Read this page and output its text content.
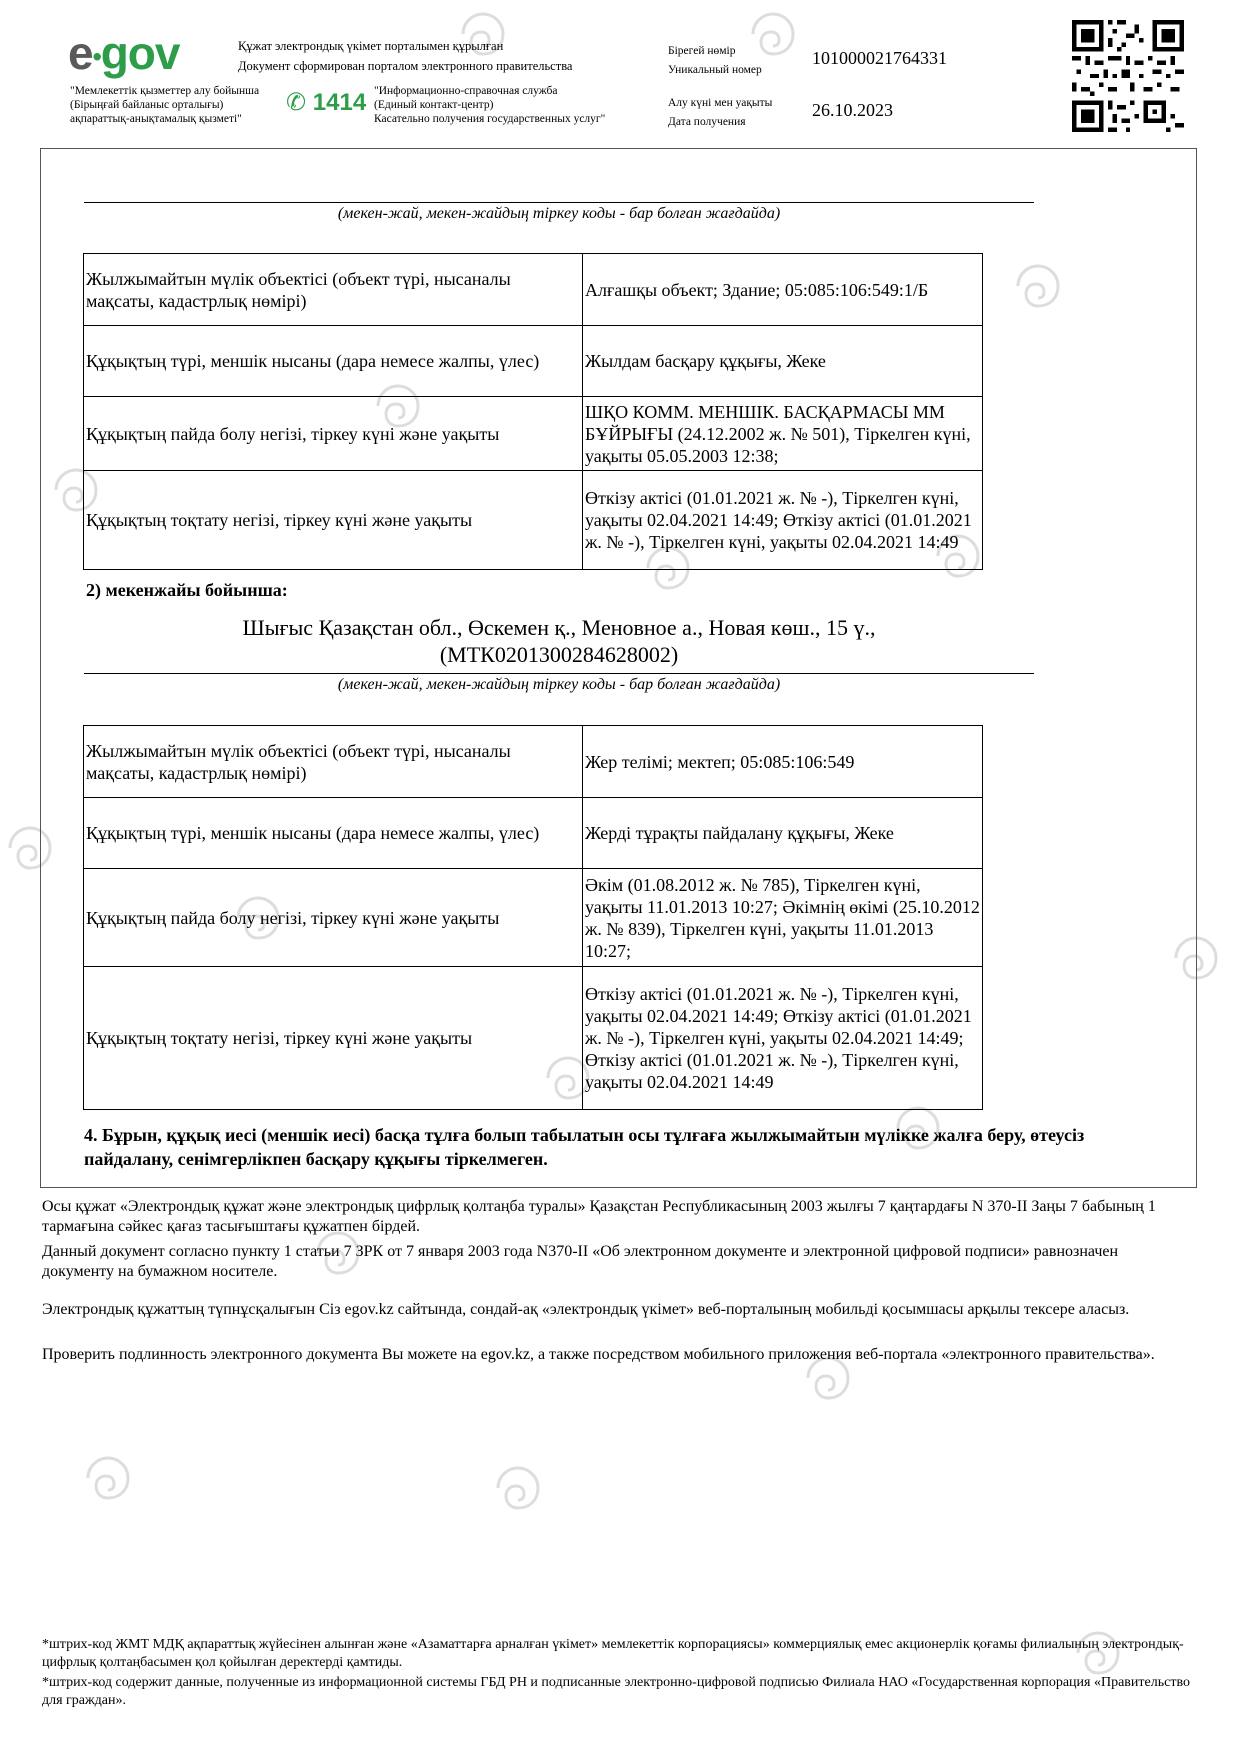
e•gov	Құжат электрондық үкімет порталымен құрылған
Документ сформирован порталом электронного правительства
"Мемлекеттік қызметтер алу бойынша
(Бірыңғай байланыс орталығы)
ақпараттық-анықтамалық қызметі"
✆ 1414 "Информационно-справочная служба
(Единый контакт-центр)
Касательно получения государственных услуг"
Бірегей нөмір
Уникальный номер
101000021764331
Алу күні мен уақыты
Дата получения
26.10.2023
(мекен-жай, мекен-жайдың тіркеу коды - бар болған жағдайда)
Жылжымайтын мүлік объектісі (объект түрі, нысаналы мақсаты, кадастрлық нөмірі)	Алғашқы объект; Здание; 05:085:106:549:1/Б
Құқықтың түрі, меншік нысаны (дара немесе жалпы, үлес)	Жылдам басқару құқығы, Жеке
Құқықтың пайда болу негізі, тіркеу күні және уақыты	ШҚО КОММ. МЕНШІК. БАСҚАРМАСЫ ММ БҰЙРЫҒЫ (24.12.2002 ж. № 501), Тіркелген күні, уақыты 05.05.2003 12:38;
Құқықтың тоқтату негізі, тіркеу күні және уақыты	Өткізу актісі (01.01.2021 ж. № -), Тіркелген күні, уақыты 02.04.2021 14:49; Өткізу актісі (01.01.2021 ж. № -), Тіркелген күні, уақыты 02.04.2021 14:49
2) мекенжайы бойынша:
Шығыс Қазақстан обл., Өскемен қ., Меновное а., Новая көш., 15 ү.,
(МТК0201300284628002)
(мекен-жай, мекен-жайдың тіркеу коды - бар болған жағдайда)
Жылжымайтын мүлік объектісі (объект түрі, нысаналы мақсаты, кадастрлық нөмірі)	Жер телімі; мектеп; 05:085:106:549
Құқықтың түрі, меншік нысаны (дара немесе жалпы, үлес)	Жерді тұрақты пайдалану құқығы, Жеке
Құқықтың пайда болу негізі, тіркеу күні және уақыты	Әкім (01.08.2012 ж. № 785), Тіркелген күні, уақыты 11.01.2013 10:27; Әкімнің өкімі (25.10.2012 ж. № 839), Тіркелген күні, уақыты 11.01.2013 10:27;
Құқықтың тоқтату негізі, тіркеу күні және уақыты	Өткізу актісі (01.01.2021 ж. № -), Тіркелген күні, уақыты 02.04.2021 14:49; Өткізу актісі (01.01.2021 ж. № -), Тіркелген күні, уақыты 02.04.2021 14:49; Өткізу актісі (01.01.2021 ж. № -), Тіркелген күні, уақыты 02.04.2021 14:49
4. Бұрын, құқық иесі (меншік иесі) басқа тұлға болып табылатын осы тұлғаға жылжымайтын мүлікке жалға беру, өтеусіз пайдалану, сенімгерлікпен басқару құқығы тіркелмеген.
Осы құжат «Электрондық құжат және электрондық цифрлық қолтаңба туралы» Қазақстан Республикасының 2003 жылғы 7 қаңтардағы N 370-II Заңы 7 бабының 1 тармағына сәйкес қағаз тасығыштағы құжатпен бірдей.
Данный документ согласно пункту 1 статьи 7 ЗРК от 7 января 2003 года N370-II «Об электронном документе и электронной цифровой подписи» равнозначен документу на бумажном носителе.
Электрондық құжаттың түпнұсқалығын Сіз egov.kz сайтында, сондай-ақ «электрондық үкімет» веб-порталының мобильді қосымшасы арқылы тексере аласыз.
Проверить подлинность электронного документа Вы можете на egov.kz, а также посредством мобильного приложения веб-портала «электронного правительства».
*штрих-код ЖМТ МДҚ ақпараттық жүйесінен алынған және «Азаматтарға арналған үкімет» мемлекеттік корпорациясы» коммерциялық емес акционерлік қоғамы филиалының электрондық-цифрлық қолтаңбасымен қол қойылған деректерді қамтиды.
*штрих-код содержит данные, полученные из информационной системы ГБД РН и подписанные электронно-цифровой подписью Филиала НАО «Государственная корпорация «Правительство для граждан».
